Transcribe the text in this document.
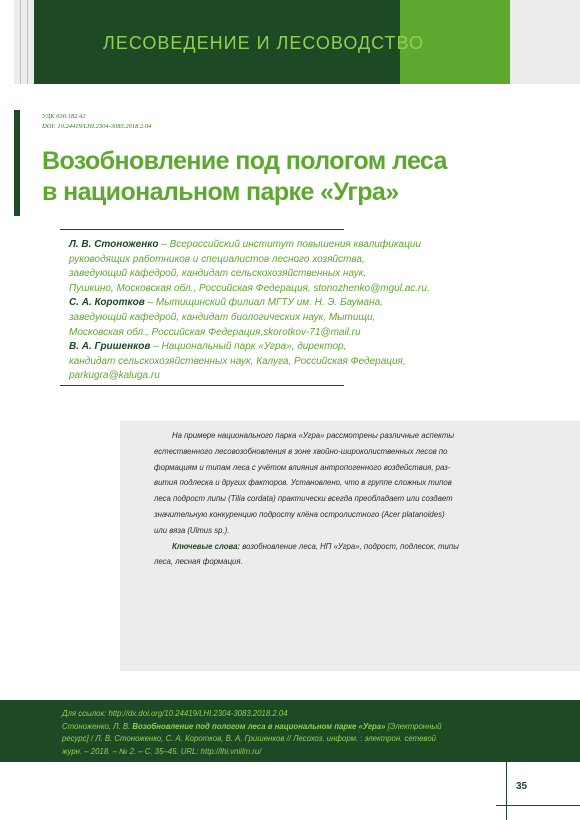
ЛЕСОВЕДЕНИЕ И ЛЕСОВОДСТВО
УДК 630.182.42
DOI: 10.24419/LHI.2304-3083.2018.2.04
Возобновление под пологом леса
в национальном парке «Угра»
Л. В. Стоноженко – Всероссийский институт повышения квалификации
руководящих работников и специалистов лесного хозяйства,
заведующий кафедрой, кандидат сельскохозяйственных наук,
Пушкино, Московская обл., Российская Федерация, stonozhenko@mgul.ac.ru.
С. А. Коротков – Мытищинский филиал МГТУ им. Н. Э. Баумана,
заведующий кафедрой, кандидат биологических наук, Мытищи,
Московская обл., Российская Федерация,skorotkov-71@mail.ru
В. А. Гришенков – Национальный парк «Угра», директор,
кандидат сельскохозяйственных наук, Калуга, Российская Федерация,
parkugra@kaluga.ru
На примере национального парка «Угра» рассмотрены различные аспекты
естественного лесовозобновления в зоне хвойно-широколиственных лесов по
формациям и типам леса с учётом влияния антропогенного воздействия, раз-
вития подлеска и других факторов. Установлено, что в группе сложных типов
леса подрост липы (Tilia cordata) практически всегда преобладает или создает
значительную конкуренцию подросту клёна остролистного (Acer platanoides)
или вяза (Ulmus sp.).
Ключевые слова: возобновление леса, НП «Угра», подрост, подлесок, типы
леса, лесная формация.
Для ссылок: http://dx.doi.org/10.24419/LHI.2304-3083.2018.2.04
Стоноженко, Л. В. Возобновление под пологом леса в национальном парке «Угра» [Электронный
ресурс] / Л. В. Стоноженко, С. А. Коротков, В. А. Гришенков // Лесохоз. информ. : электрон. сетевой
журн. – 2018. – № 2. – С. 35–45. URL: http://lhi.vniilm.ru/
35
